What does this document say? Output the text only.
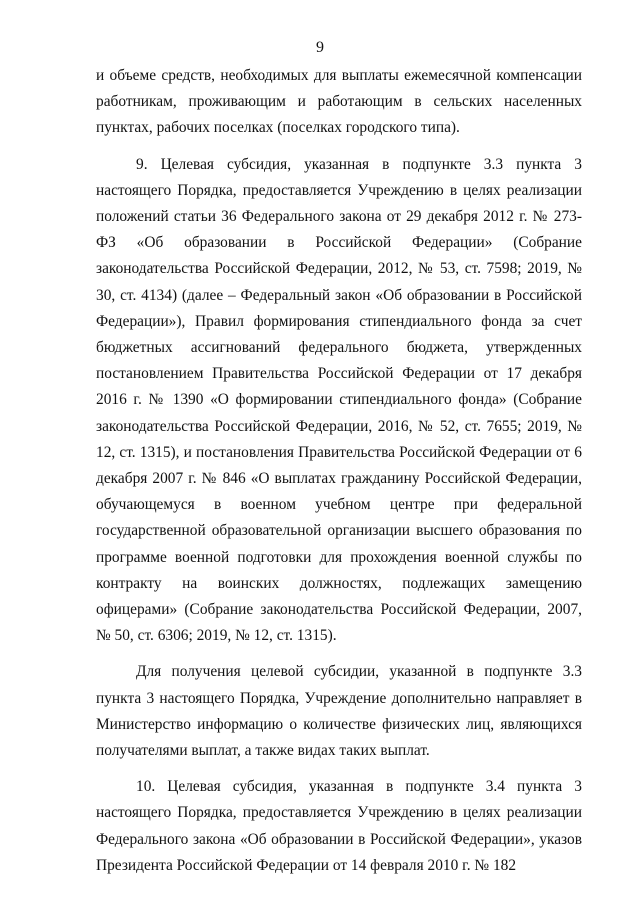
9

и объеме средств, необходимых для выплаты ежемесячной компенсации работникам, проживающим и работающим в сельских населенных пунктах, рабочих поселках (поселках городского типа).

9. Целевая субсидия, указанная в подпункте 3.3 пункта 3 настоящего Порядка, предоставляется Учреждению в целях реализации положений статьи 36 Федерального закона от 29 декабря 2012 г. № 273-ФЗ «Об образовании в Российской Федерации» (Собрание законодательства Российской Федерации, 2012, № 53, ст. 7598; 2019, № 30, ст. 4134) (далее – Федеральный закон «Об образовании в Российской Федерации»), Правил формирования стипендиального фонда за счет бюджетных ассигнований федерального бюджета, утвержденных постановлением Правительства Российской Федерации от 17 декабря 2016 г. № 1390 «О формировании стипендиального фонда» (Собрание законодательства Российской Федерации, 2016, № 52, ст. 7655; 2019, № 12, ст. 1315), и постановления Правительства Российской Федерации от 6 декабря 2007 г. № 846 «О выплатах гражданину Российской Федерации, обучающемуся в военном учебном центре при федеральной государственной образовательной организации высшего образования по программе военной подготовки для прохождения военной службы по контракту на воинских должностях, подлежащих замещению офицерами» (Собрание законодательства Российской Федерации, 2007, № 50, ст. 6306; 2019, № 12, ст. 1315).

Для получения целевой субсидии, указанной в подпункте 3.3 пункта 3 настоящего Порядка, Учреждение дополнительно направляет в Министерство информацию о количестве физических лиц, являющихся получателями выплат, а также видах таких выплат.

10. Целевая субсидия, указанная в подпункте 3.4 пункта 3 настоящего Порядка, предоставляется Учреждению в целях реализации Федерального закона «Об образовании в Российской Федерации», указов Президента Российской Федерации от 14 февраля 2010 г. № 182
